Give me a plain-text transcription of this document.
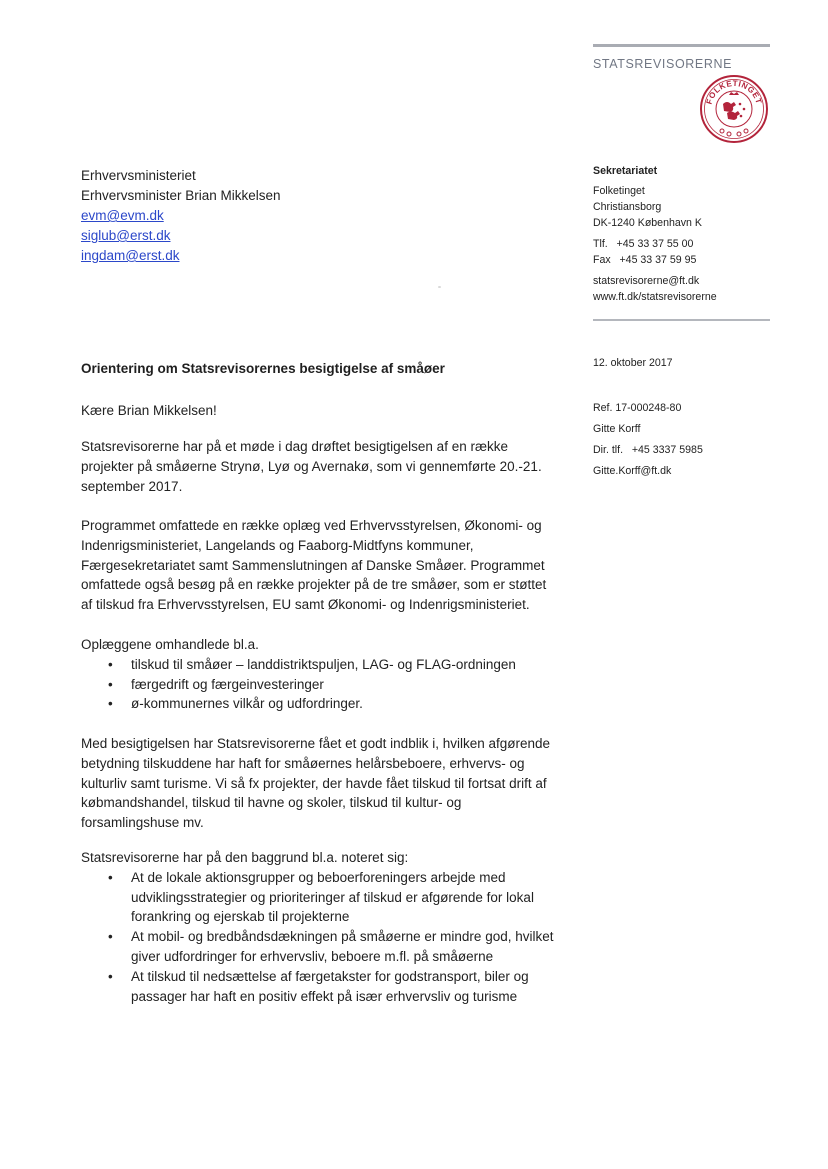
STATSREVISORERNE
FOLKETINGET
Erhvervsministeriet
Erhvervsminister Brian Mikkelsen
evm@evm.dk
siglub@erst.dk
ingdam@erst.dk
Sekretariatet
Folketinget
Christiansborg
DK-1240 København K
Tlf.   +45 33 37 55 00
Fax   +45 33 37 59 95
statsrevisorerne@ft.dk
www.ft.dk/statsrevisorerne
12. oktober 2017
Ref. 17-000248-80
Gitte Korff
Dir. tlf.   +45 3337 5985
Gitte.Korff@ft.dk
Orientering om Statsrevisorernes besigtigelse af småøer
Kære Brian Mikkelsen!

Statsrevisorerne har på et møde i dag drøftet besigtigelsen af en række projekter på småøerne Strynø, Lyø og Avernakø, som vi gennemførte 20.-21. september 2017.

Programmet omfattede en række oplæg ved Erhvervsstyrelsen, Økonomi- og Indenrigsministeriet, Langelands og Faaborg-Midtfyns kommuner, Færgesekretariatet samt Sammenslutningen af Danske Småøer. Programmet omfattede også besøg på en række projekter på de tre småøer, som er støttet af tilskud fra Erhvervsstyrelsen, EU samt Økonomi- og Indenrigsministeriet.

Oplæggene omhandlede bl.a.

• tilskud til småøer – landdistriktspuljen, LAG- og FLAG-ordningen
• færgedrift og færgeinvesteringer
• ø-kommunernes vilkår og udfordringer.

Med besigtigelsen har Statsrevisorerne fået et godt indblik i, hvilken afgørende betydning tilskuddene har haft for småøernes helårsbeboere, erhvervs- og kulturliv samt turisme. Vi så fx projekter, der havde fået tilskud til fortsat drift af købmandshandel, tilskud til havne og skoler, tilskud til kultur- og forsamlingshuse mv.

Statsrevisorerne har på den baggrund bl.a. noteret sig:

• At de lokale aktionsgrupper og beboerforeningers arbejde med udviklingsstrategier og prioriteringer af tilskud er afgørende for lokal forankring og ejerskab til projekterne
• At mobil- og bredbåndsdækningen på småøerne er mindre god, hvilket giver udfordringer for erhvervsliv, beboere m.fl. på småøerne
• At tilskud til nedsættelse af færgetakster for godstransport, biler og passager har haft en positiv effekt på især erhvervsliv og turisme
